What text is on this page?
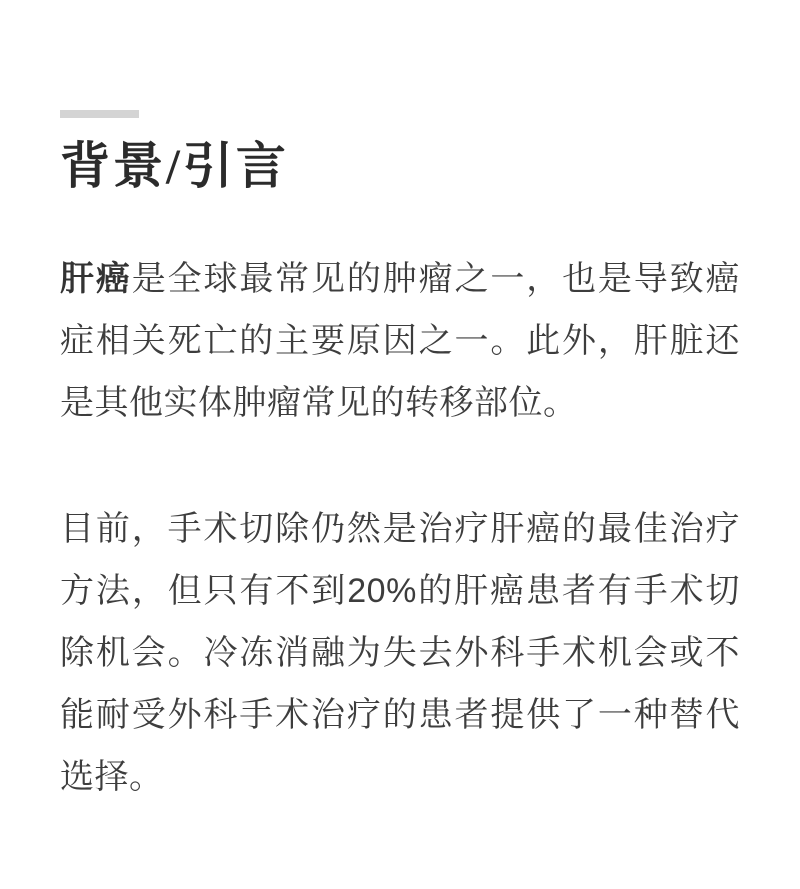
背景/引言

肝癌是全球最常见的肿瘤之一，也是导致癌症相关死亡的主要原因之一。此外，肝脏还是其他实体肿瘤常见的转移部位。

目前，手术切除仍然是治疗肝癌的最佳治疗方法，但只有不到20%的肝癌患者有手术切除机会。冷冻消融为失去外科手术机会或不能耐受外科手术治疗的患者提供了一种替代选择。
